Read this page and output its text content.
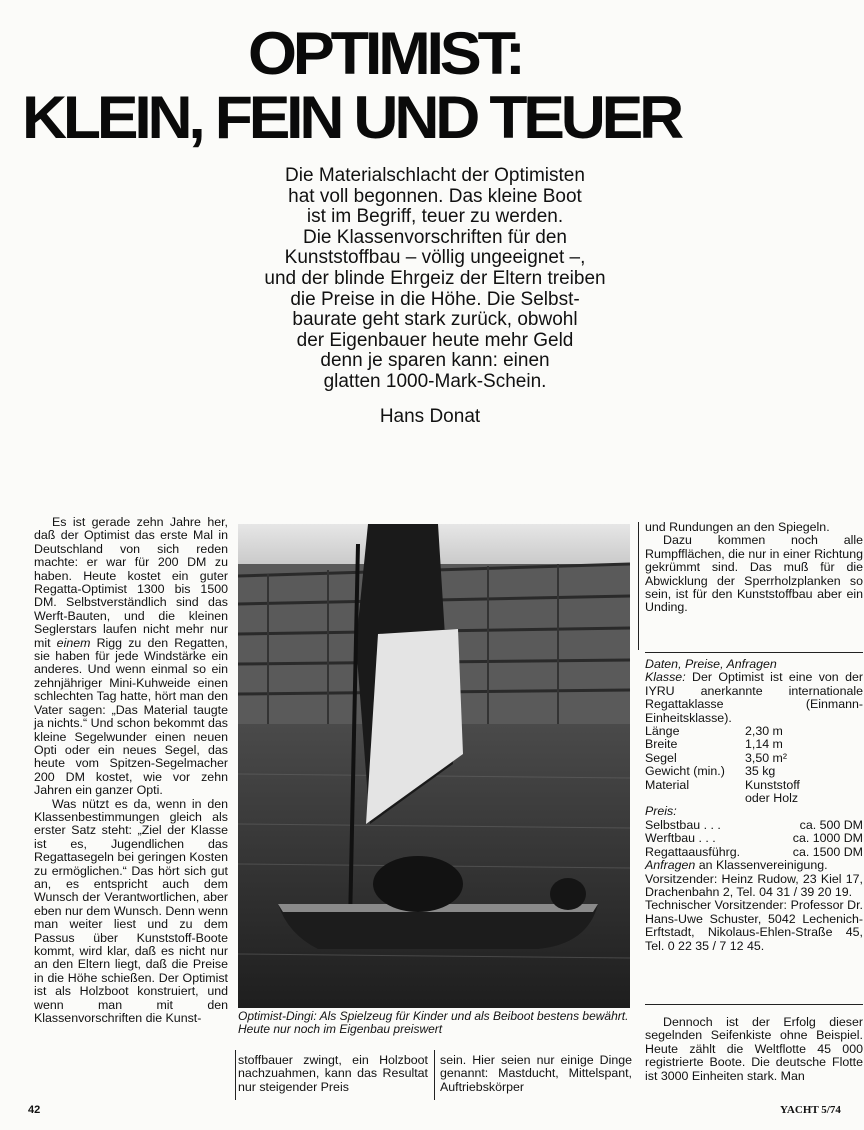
OPTIMIST:
KLEIN, FEIN UND TEUER
Die Materialschlacht der Optimisten
hat voll begonnen. Das kleine Boot
ist im Begriff, teuer zu werden.
Die Klassenvorschriften für den
Kunststoffbau – völlig ungeeignet –,
und der blinde Ehrgeiz der Eltern treiben
die Preise in die Höhe. Die Selbst-
baurate geht stark zurück, obwohl
der Eigenbauer heute mehr Geld
denn je sparen kann: einen
glatten 1000-Mark-Schein.
Hans Donat

Es ist gerade zehn Jahre her, daß der Optimist das erste Mal in Deutschland von sich reden machte: er war für 200 DM zu haben. Heute kostet ein guter Regatta-Optimist 1300 bis 1500 DM. Selbstverständlich sind das Werft-Bauten, und die kleinen Seglerstars laufen nicht mehr nur mit einem Rigg zu den Regatten, sie haben für jede Windstärke ein anderes. Und wenn einmal so ein zehnjähriger Mini-Kuhweide einen schlechten Tag hatte, hört man den Vater sagen: „Das Material taugte ja nichts.“ Und schon bekommt das kleine Segelwunder einen neuen Opti oder ein neues Segel, das heute vom Spitzen-Segelmacher 200 DM kostet, wie vor zehn Jahren ein ganzer Opti.

Was nützt es da, wenn in den Klassenbestimmungen gleich als erster Satz steht: „Ziel der Klasse ist es, Jugendlichen das Regattasegeln bei geringen Kosten zu ermöglichen.“ Das hört sich gut an, es entspricht auch dem Wunsch der Verantwortlichen, aber eben nur dem Wunsch. Denn wenn man weiter liest und zu dem Passus über Kunststoff-Boote kommt, wird klar, daß es nicht nur an den Eltern liegt, daß die Preise in die Höhe schießen. Der Optimist ist als Holzboot konstruiert, und wenn man mit den Klassenvorschriften die Kunst-	Optimist-Dingi: Als Spielzeug für Kinder und als Beiboot bestens bewährt. Heute nur noch im Eigenbau preiswert
stoffbauer zwingt, ein Holzboot nachzuahmen, kann das Resultat nur steigender Preis
sein. Hier seien nur einige Dinge genannt: Mastducht, Mittelspant, Auftriebskörper

und Rundungen an den Spiegeln.

Dazu kommen noch alle Rumpfflächen, die nur in einer Richtung gekrümmt sind. Das muß für die Abwicklung der Sperrholzplanken so sein, ist für den Kunststoffbau aber ein Unding.

Daten, Preise, Anfragen
Klasse: Der Optimist ist eine von der IYRU anerkannte internationale Regattaklasse (Einmann-Einheitsklasse).
Länge	2,30 m
Breite	1,14 m
Segel	3,50 m²
Gewicht (min.)	35 kg
Material	Kunststoff oder Holz
Preis:
Selbstbau . . .	ca. 500 DM
Werftbau . . .	ca. 1000 DM
Regattaausführg.	ca. 1500 DM
Anfragen an Klassenvereinigung.
Vorsitzender: Heinz Rudow, 23 Kiel 17, Drachenbahn 2, Tel. 04 31 / 39 20 19.
Technischer Vorsitzender: Professor Dr. Hans-Uwe Schuster, 5042 Lechenich-Erftstadt, Nikolaus-Ehlen-Straße 45, Tel. 0 22 35 / 7 12 45.
Dennoch ist der Erfolg dieser segelnden Seifenkiste ohne Beispiel. Heute zählt die Weltflotte 45 000 registrierte Boote. Die deutsche Flotte ist 3000 Einheiten stark. Man
42	YACHT 5/74
